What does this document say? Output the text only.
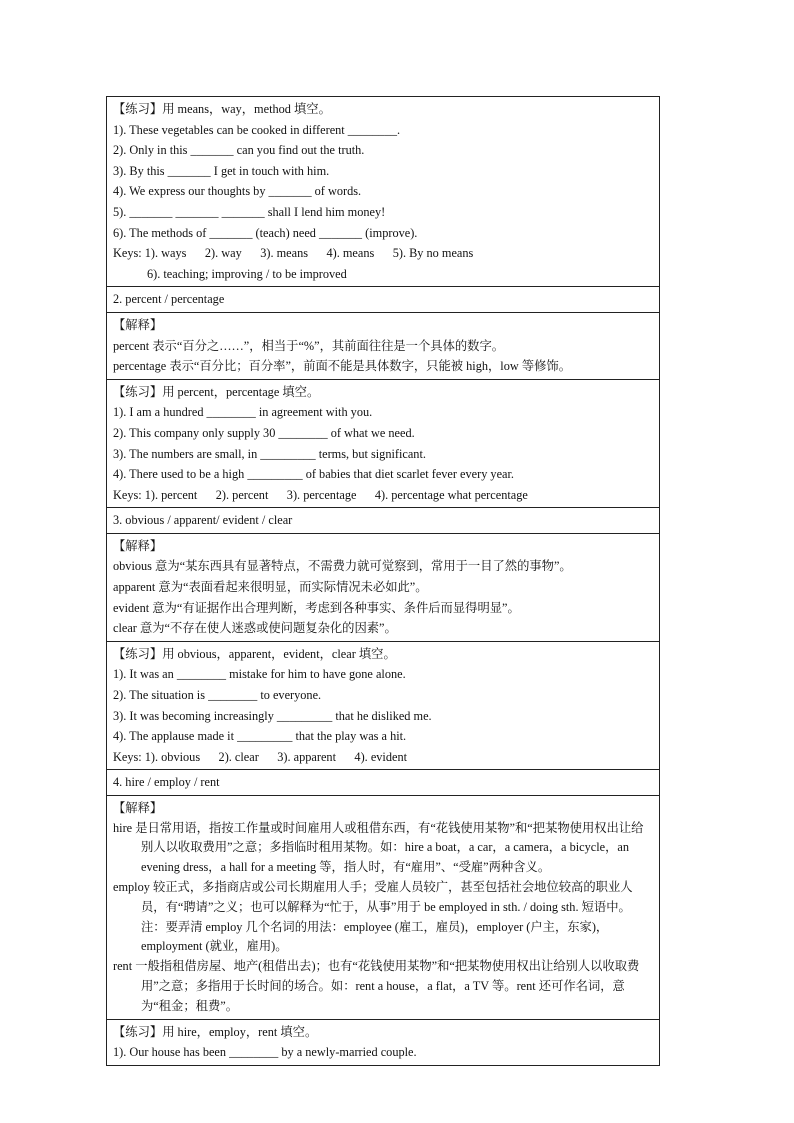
【练习】用 means，way，method 填空。
1). These vegetables can be cooked in different ________.
2). Only in this _______ can you find out the truth.
3). By this _______ I get in touch with him.
4). We express our thoughts by _______ of words.
5). _______ _______ _______ shall I lend him money!
6). The methods of _______ (teach) need _______ (improve).
Keys: 1). ways      2). way      3). means      4). means      5). By no means
6). teaching; improving / to be improved

2. percent / percentage

【解释】
percent 表示“百分之……”，相当于“%”，其前面往往是一个具体的数字。
percentage 表示“百分比；百分率”，前面不能是具体数字，只能被 high，low 等修饰。

【练习】用 percent，percentage 填空。
1). I am a hundred ________ in agreement with you.
2). This company only supply 30 ________ of what we need.
3). The numbers are small, in _________ terms, but significant.
4). There used to be a high _________ of babies that diet scarlet fever every year.
Keys: 1). percent      2). percent      3). percentage      4). percentage what percentage

3. obvious / apparent/ evident / clear

【解释】
obvious 意为“某东西具有显著特点，不需费力就可觉察到，常用于一目了然的事物”。
apparent 意为“表面看起来很明显，而实际情况未必如此”。
evident 意为“有证据作出合理判断，考虑到各种事实、条件后而显得明显”。
clear 意为“不存在使人迷惑或使问题复杂化的因素”。

【练习】用 obvious，apparent，evident，clear 填空。
1). It was an ________ mistake for him to have gone alone.
2). The situation is ________ to everyone.
3). It was becoming increasingly _________ that he disliked me.
4). The applause made it _________ that the play was a hit.
Keys: 1). obvious      2). clear      3). apparent      4). evident

4. hire / employ / rent

【解释】
hire 是日常用语，指按工作量或时间雇用人或租借东西，有“花钱使用某物”和“把某物使用权出让给别人以收取费用”之意；多指临时租用某物。如：hire a boat，a car，a camera，a bicycle，an evening dress，a hall for a meeting 等，指人时，有“雇用”、“受雇”两种含义。
employ 较正式，多指商店或公司长期雇用人手；受雇人员较广，甚至包括社会地位较高的职业人员，有“聘请”之义；也可以解释为“忙于，从事”用于 be employed in sth. / doing sth. 短语中。 注：要弄清 employ 几个名词的用法：employee (雇工，雇员)，employer (户主，东家)，employment (就业，雇用)。
rent 一般指租借房屋、地产(租借出去)；也有“花钱使用某物”和“把某物使用权出让给别人以收取费用”之意；多指用于长时间的场合。如：rent a house，a flat，a TV 等。rent 还可作名词，意为“租金；租费”。

【练习】用 hire，employ，rent 填空。
1). Our house has been ________ by a newly-married couple.
